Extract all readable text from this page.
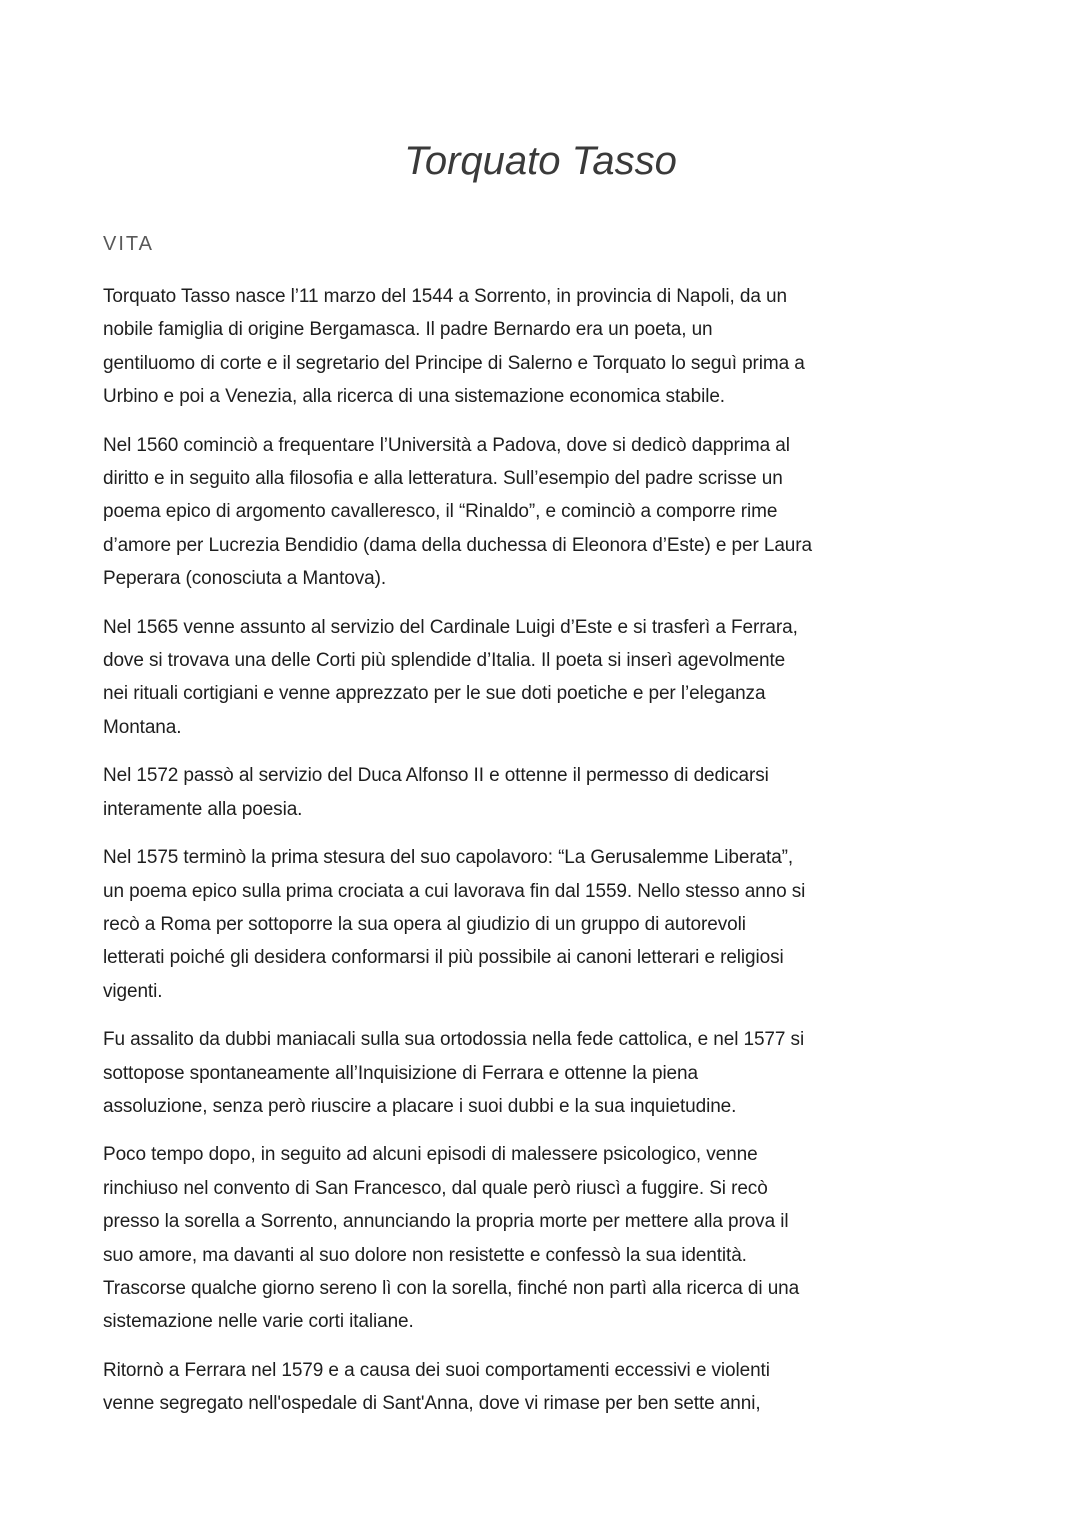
Torquato Tasso
VITA

Torquato Tasso nasce l’11 marzo del 1544 a Sorrento, in provincia di Napoli, da un
nobile famiglia di origine Bergamasca. Il padre Bernardo era un poeta, un
gentiluomo di corte e il segretario del Principe di Salerno e Torquato lo seguì prima a
Urbino e poi a Venezia, alla ricerca di una sistemazione economica stabile.

Nel 1560 cominciò a frequentare l’Università a Padova, dove si dedicò dapprima al
diritto e in seguito alla filosofia e alla letteratura. Sull’esempio del padre scrisse un
poema epico di argomento cavalleresco, il “Rinaldo”, e cominciò a comporre rime
d’amore per Lucrezia Bendidio (dama della duchessa di Eleonora d’Este) e per Laura
Peperara (conosciuta a Mantova).

Nel 1565 venne assunto al servizio del Cardinale Luigi d’Este e si trasferì a Ferrara,
dove si trovava una delle Corti più splendide d’Italia. Il poeta si inserì agevolmente
nei rituali cortigiani e venne apprezzato per le sue doti poetiche e per l’eleganza
Montana.

Nel 1572 passò al servizio del Duca Alfonso II e ottenne il permesso di dedicarsi
interamente alla poesia.

Nel 1575 terminò la prima stesura del suo capolavoro: “La Gerusalemme Liberata”,
un poema epico sulla prima crociata a cui lavorava fin dal 1559. Nello stesso anno si
recò a Roma per sottoporre la sua opera al giudizio di un gruppo di autorevoli
letterati poiché gli desidera conformarsi il più possibile ai canoni letterari e religiosi
vigenti.

Fu assalito da dubbi maniacali sulla sua ortodossia nella fede cattolica, e nel 1577 si
sottopose spontaneamente all’Inquisizione di Ferrara e ottenne la piena
assoluzione, senza però riuscire a placare i suoi dubbi e la sua inquietudine.

Poco tempo dopo, in seguito ad alcuni episodi di malessere psicologico, venne
rinchiuso nel convento di San Francesco, dal quale però riuscì a fuggire. Si recò
presso la sorella a Sorrento, annunciando la propria morte per mettere alla prova il
suo amore, ma davanti al suo dolore non resistette e confessò la sua identità.
Trascorse qualche giorno sereno lì con la sorella, finché non partì alla ricerca di una
sistemazione nelle varie corti italiane.

Ritornò a Ferrara nel 1579 e a causa dei suoi comportamenti eccessivi e violenti
venne segregato nell'ospedale di Sant'Anna, dove vi rimase per ben sette anni,
